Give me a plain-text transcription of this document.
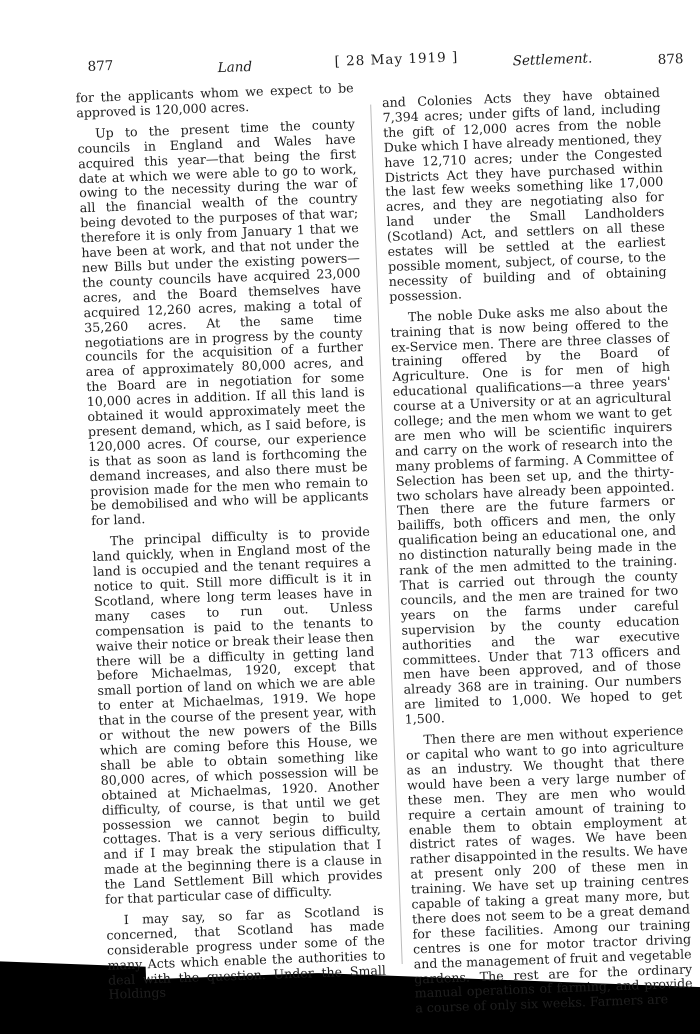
877	Land	[ 28 May 1919 ]	Settlement.	878

for the applicants whom we expect to be approved is 120,000 acres.

Up to the present time the county councils in England and Wales have acquired this year—that being the first date at which we were able to go to work, owing to the necessity during the war of all the financial wealth of the country being devoted to the purposes of that war; therefore it is only from January 1 that we have been at work, and that not under the new Bills but under the existing powers—the county councils have acquired 23,000 acres, and the Board themselves have acquired 12,260 acres, making a total of 35,260 acres. At the same time negotiations are in progress by the county councils for the acquisition of a further area of approximately 80,000 acres, and the Board are in negotiation for some 10,000 acres in addition. If all this land is obtained it would approximately meet the present demand, which, as I said before, is 120,000 acres. Of course, our experience is that as soon as land is forthcoming the demand increases, and also there must be provision made for the men who remain to be demobilised and who will be applicants for land.

The principal difficulty is to provide land quickly, when in England most of the land is occupied and the tenant requires a notice to quit. Still more difficult is it in Scotland, where long term leases have in many cases to run out. Unless compensation is paid to the tenants to waive their notice or break their lease then there will be a difficulty in getting land before Michaelmas, 1920, except that small portion of land on which we are able to enter at Michaelmas, 1919. We hope that in the course of the present year, with or without the new powers of the Bills which are coming before this House, we shall be able to obtain something like 80,000 acres, of which possession will be obtained at Michaelmas, 1920. Another difficulty, of course, is that until we get possession we cannot begin to build cottages. That is a very serious difficulty, and if I may break the stipulation that I made at the beginning there is a clause in the Land Settlement Bill which provides for that particular case of difficulty.

I may say, so far as Scotland is concerned, that Scotland has made considerable progress under some of the many Acts which enable the authorities to deal with the question. Under the Small Holdings

and Colonies Acts they have obtained 7,394 acres; under gifts of land, including the gift of 12,000 acres from the noble Duke which I have already mentioned, they have 12,710 acres; under the Congested Districts Act they have purchased within the last few weeks something like 17,000 acres, and they are negotiating also for land under the Small Landholders (Scotland) Act, and settlers on all these estates will be settled at the earliest possible moment, subject, of course, to the necessity of building and of obtaining possession.

The noble Duke asks me also about the training that is now being offered to the ex-Service men. There are three classes of training offered by the Board of Agriculture. One is for men of high educational qualifications—a three years' course at a University or at an agricultural college; and the men whom we want to get are men who will be scientific inquirers and carry on the work of research into the many problems of farming. A Committee of Selection has been set up, and the thirty-two scholars have already been appointed. Then there are the future farmers or bailiffs, both officers and men, the only qualification being an educational one, and no distinction naturally being made in the rank of the men admitted to the training. That is carried out through the county councils, and the men are trained for two years on the farms under careful supervision by the county education authorities and the war executive committees. Under that 713 officers and men have been approved, and of those already 368 are in training. Our numbers are limited to 1,000. We hoped to get 1,500.

Then there are men without experience or capital who want to go into agriculture as an industry. We thought that there would have been a very large number of these men. They are men who would require a certain amount of training to enable them to obtain employment at district rates of wages. We have been rather disappointed in the results. We have at present only 200 of these men in training. We have set up training centres capable of taking a great many more, but there does not seem to be a great demand for these facilities. Among our training centres is one for motor tractor driving and the management of fruit and vegetable gardens. The rest are for the ordinary manual operations of farming, and provide a course of only six weeks. Farmers are
